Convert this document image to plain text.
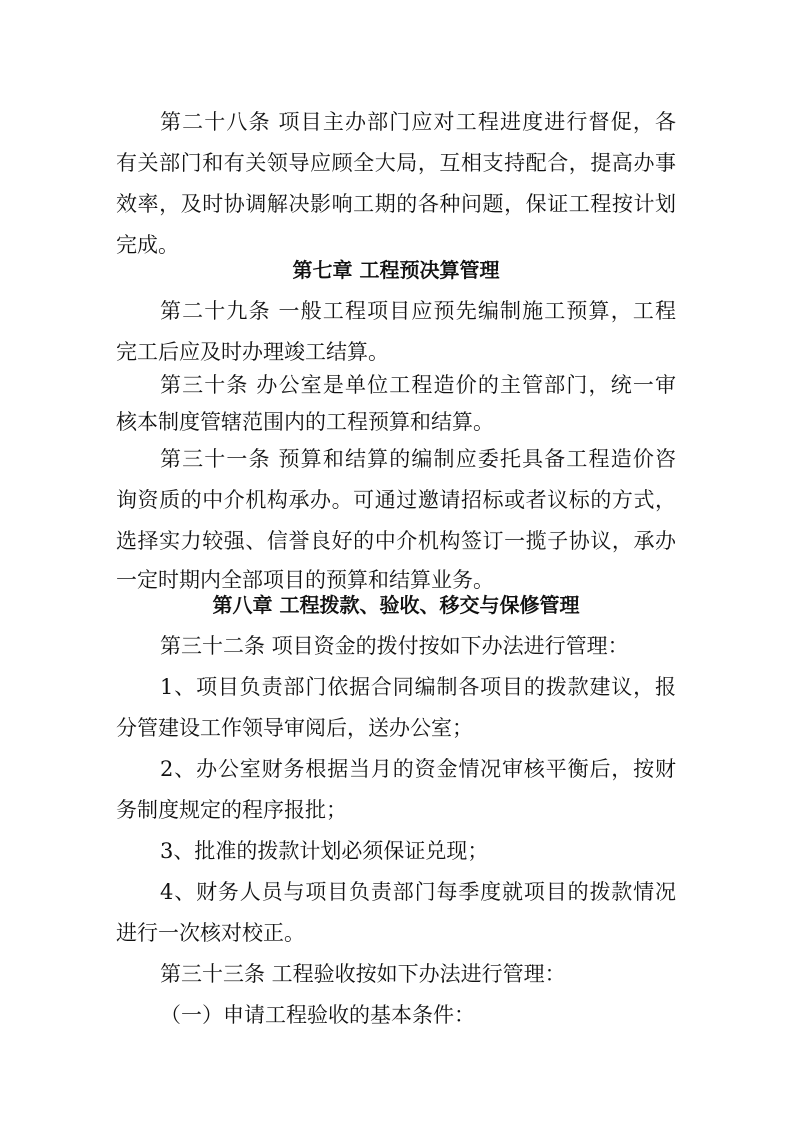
第二十八条 项目主办部门应对工程进度进行督促，各
有关部门和有关领导应顾全大局，互相支持配合，提高办事
效率，及时协调解决影响工期的各种问题，保证工程按计划
完成。
第七章 工程预决算管理
第二十九条 一般工程项目应预先编制施工预算，工程
完工后应及时办理竣工结算。
第三十条 办公室是单位工程造价的主管部门，统一审
核本制度管辖范围内的工程预算和结算。
第三十一条 预算和结算的编制应委托具备工程造价咨
询资质的中介机构承办。可通过邀请招标或者议标的方式，
选择实力较强、信誉良好的中介机构签订一揽子协议，承办
一定时期内全部项目的预算和结算业务。
第八章 工程拨款、验收、移交与保修管理
第三十二条 项目资金的拨付按如下办法进行管理：
1、项目负责部门依据合同编制各项目的拨款建议，报
分管建设工作领导审阅后，送办公室；
2、办公室财务根据当月的资金情况审核平衡后，按财
务制度规定的程序报批；
3、批准的拨款计划必须保证兑现；
4、财务人员与项目负责部门每季度就项目的拨款情况
进行一次核对校正。
第三十三条 工程验收按如下办法进行管理：
（一）申请工程验收的基本条件：
